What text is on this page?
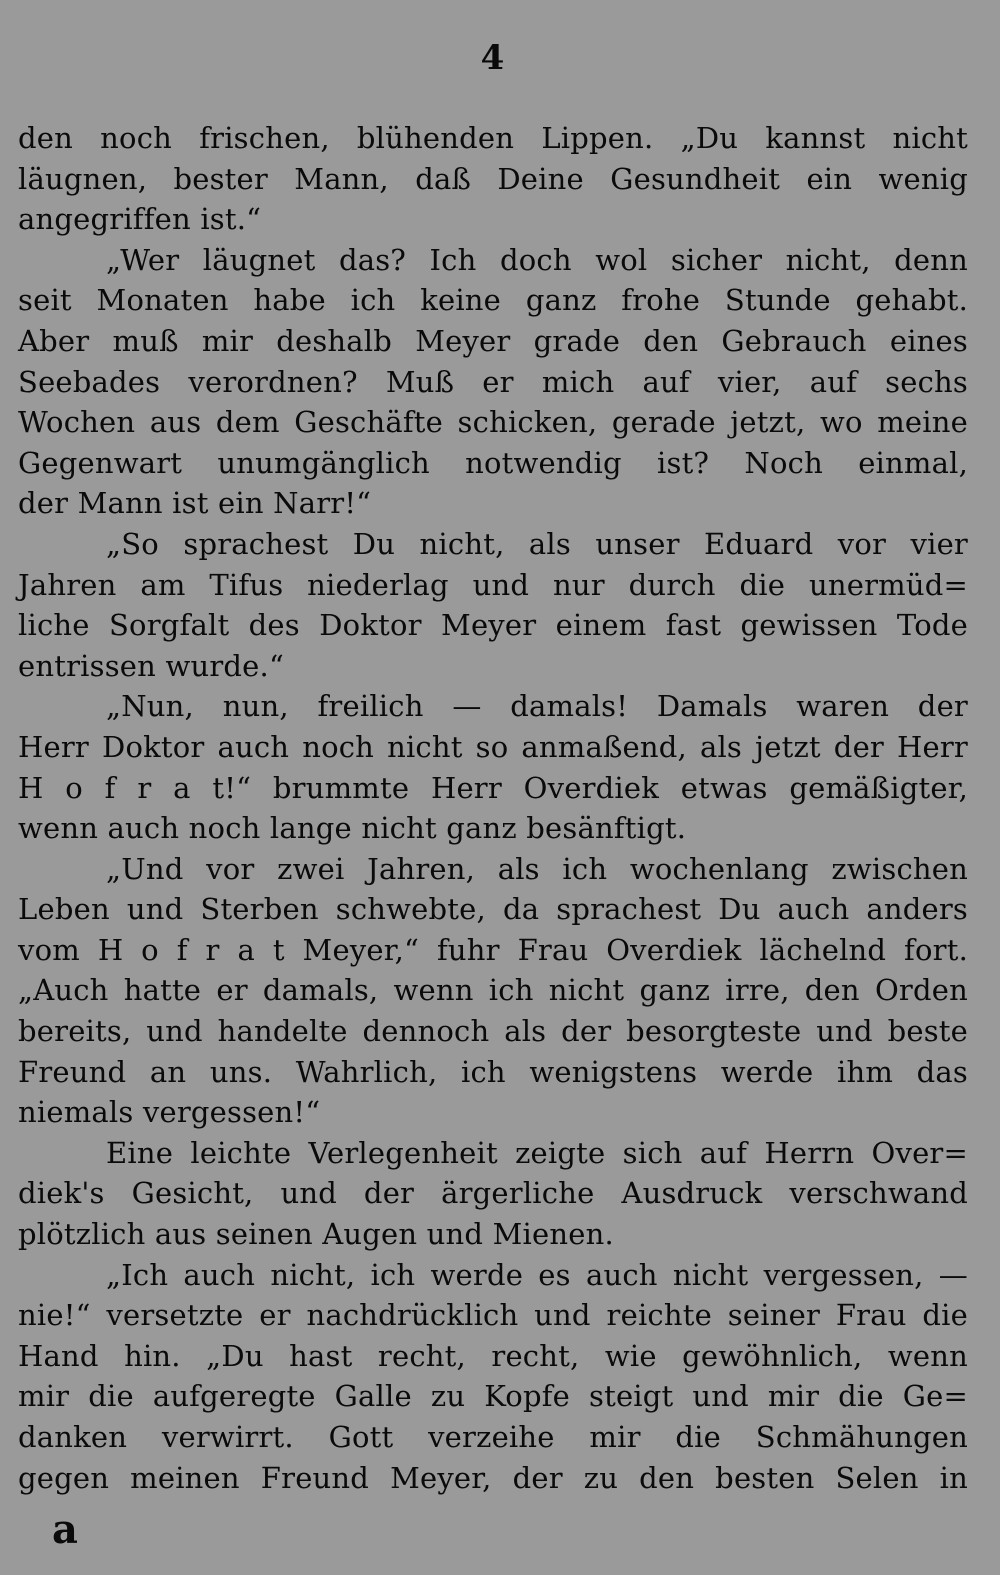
4
den noch frischen, blühenden Lippen. „Du kannst nicht
läugnen, bester Mann, daß Deine Gesundheit ein wenig
angegriffen ist.“
„Wer läugnet das? Ich doch wol sicher nicht, denn
seit Monaten habe ich keine ganz frohe Stunde gehabt.
Aber muß mir deshalb Meyer grade den Gebrauch eines
Seebades verordnen? Muß er mich auf vier, auf sechs
Wochen aus dem Geschäfte schicken, gerade jetzt, wo meine
Gegenwart unumgänglich notwendig ist? Noch einmal,
der Mann ist ein Narr!“
„So sprachest Du nicht, als unser Eduard vor vier
Jahren am Tifus niederlag und nur durch die unermüd=
liche Sorgfalt des Doktor Meyer einem fast gewissen Tode
entrissen wurde.“
„Nun, nun, freilich — damals! Damals waren der
Herr Doktor auch noch nicht so anmaßend, als jetzt der Herr
H o f r a t!“ brummte Herr Overdiek etwas gemäßigter,
wenn auch noch lange nicht ganz besänftigt.
„Und vor zwei Jahren, als ich wochenlang zwischen
Leben und Sterben schwebte, da sprachest Du auch anders
vom H o f r a t Meyer,“ fuhr Frau Overdiek lächelnd fort.
„Auch hatte er damals, wenn ich nicht ganz irre, den Orden
bereits, und handelte dennoch als der besorgteste und beste
Freund an uns. Wahrlich, ich wenigstens werde ihm das
niemals vergessen!“
Eine leichte Verlegenheit zeigte sich auf Herrn Over=
diek's Gesicht, und der ärgerliche Ausdruck verschwand
plötzlich aus seinen Augen und Mienen.
„Ich auch nicht, ich werde es auch nicht vergessen, —
nie!“ versetzte er nachdrücklich und reichte seiner Frau die
Hand hin. „Du hast recht, recht, wie gewöhnlich, wenn
mir die aufgeregte Galle zu Kopfe steigt und mir die Ge=
danken verwirrt. Gott verzeihe mir die Schmähungen
gegen meinen Freund Meyer, der zu den besten Selen in
a
